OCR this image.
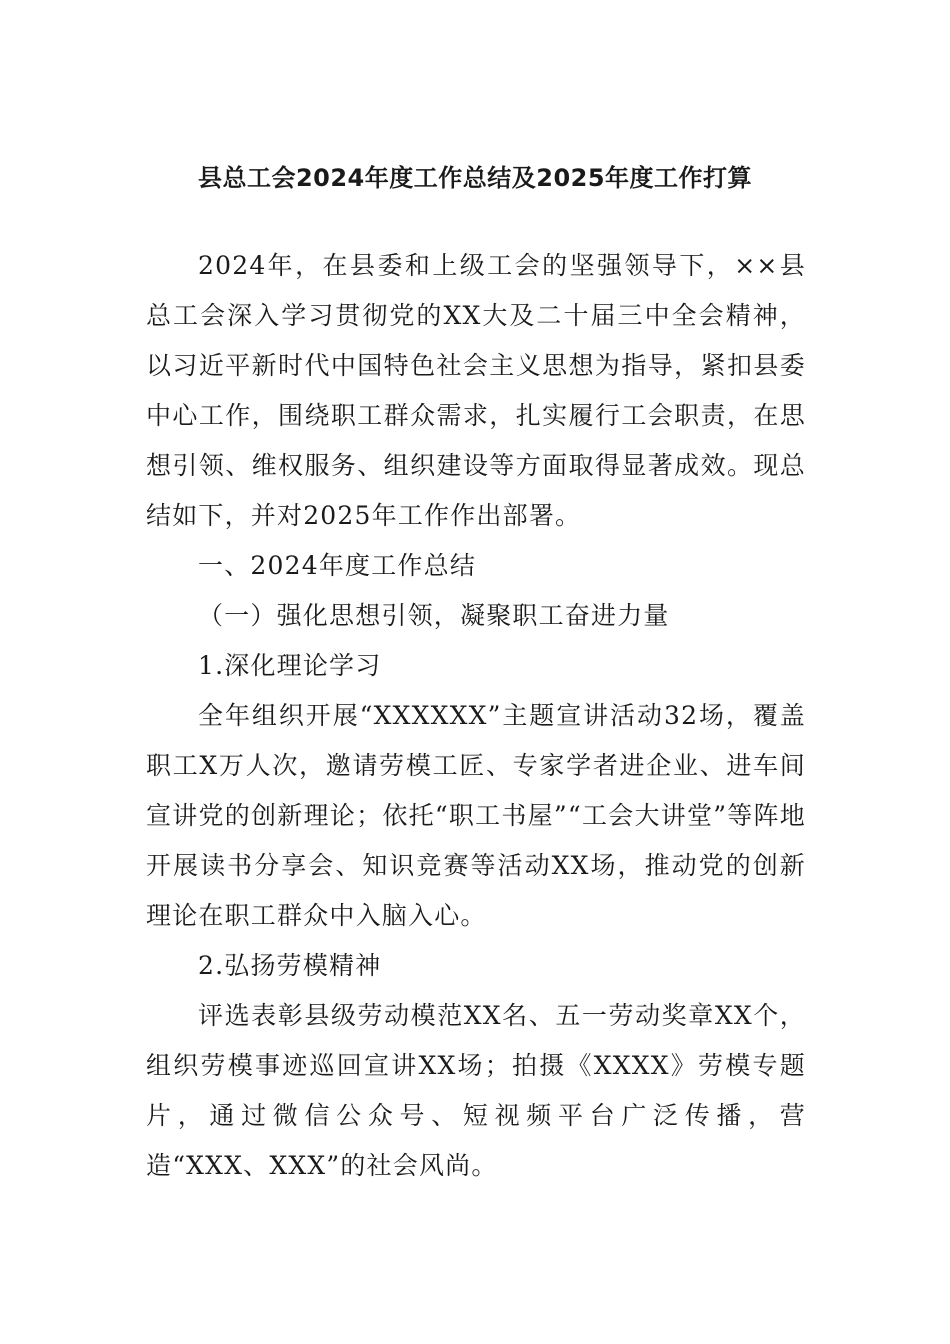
县总工会2024年度工作总结及2025年度工作打算

2024年，在县委和上级工会的坚强领导下，××县总工会深入学习贯彻党的XX大及二十届三中全会精神，以习近平新时代中国特色社会主义思想为指导，紧扣县委中心工作，围绕职工群众需求，扎实履行工会职责，在思想引领、维权服务、组织建设等方面取得显著成效。现总结如下，并对2025年工作作出部署。

一、2024年度工作总结

（一）强化思想引领，凝聚职工奋进力量

1.深化理论学习

全年组织开展“XXXXXX”主题宣讲活动32场，覆盖职工X万人次，邀请劳模工匠、专家学者进企业、进车间宣讲党的创新理论；依托“职工书屋”“工会大讲堂”等阵地开展读书分享会、知识竞赛等活动XX场，推动党的创新理论在职工群众中入脑入心。

2.弘扬劳模精神

评选表彰县级劳动模范XX名、五一劳动奖章XX个，组织劳模事迹巡回宣讲XX场；拍摄《XXXX》劳模专题片，通过微信公众号、短视频平台广泛传播，营造“XXX、XXX”的社会风尚。
